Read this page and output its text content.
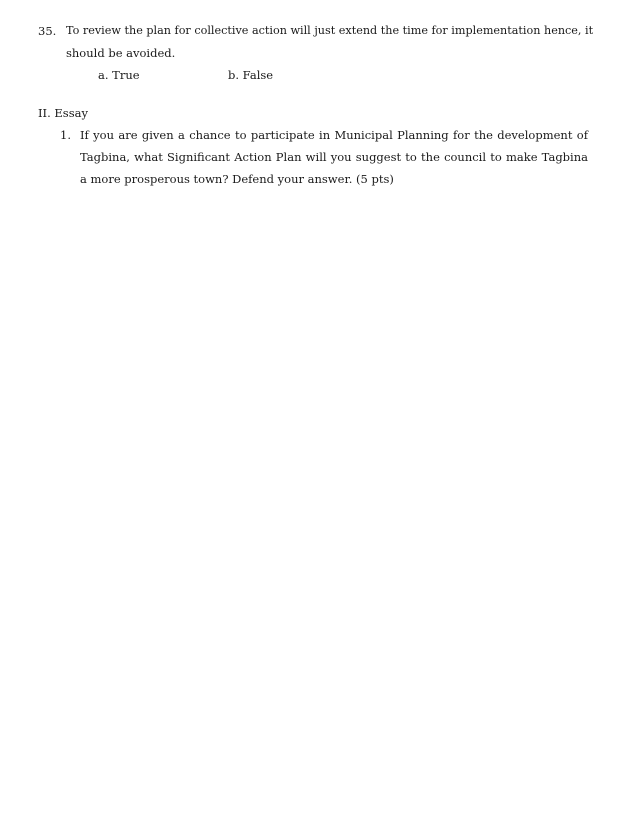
35. To review the plan for collective action will just extend the time for implementation hence, it
should be avoided.
a. True	b. False
II. Essay
1. If you are given a chance to participate in Municipal Planning for the development of Tagbina, what Significant Action Plan will you suggest to the council to make Tagbina a more prosperous town? Defend your answer. (5 pts)
